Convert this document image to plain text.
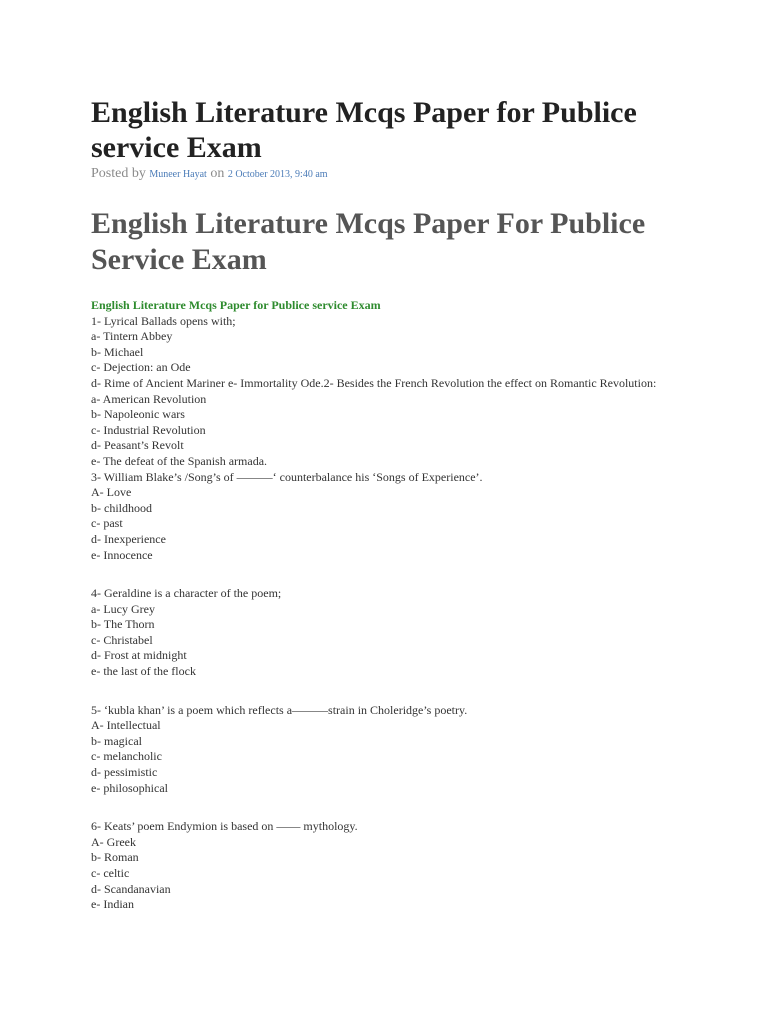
English Literature Mcqs Paper for Publice service Exam
Posted by Muneer Hayat on 2 October 2013, 9:40 am
English Literature Mcqs Paper For Publice Service Exam
English Literature Mcqs Paper for Publice service Exam
1- Lyrical Ballads opens with;
a- Tintern Abbey
b- Michael
c- Dejection: an Ode
d- Rime of Ancient Mariner e- Immortality Ode.2- Besides the French Revolution the effect on Romantic Revolution:
a- American Revolution
b- Napoleonic wars
c- Industrial Revolution
d- Peasant’s Revolt
e- The defeat of the Spanish armada.
3- William Blake’s /Song’s of ———‘ counterbalance his ‘Songs of Experience’.
A- Love
b- childhood
c- past
d- Inexperience
e- Innocence
4- Geraldine is a character of the poem;
a- Lucy Grey
b- The Thorn
c- Christabel
d- Frost at midnight
e- the last of the flock
5- ‘kubla khan’ is a poem which reflects a———strain in Choleridge’s poetry.
A- Intellectual
b- magical
c- melancholic
d- pessimistic
e- philosophical
6- Keats’ poem Endymion is based on —— mythology.
A- Greek
b- Roman
c- celtic
d- Scandanavian
e- Indian
